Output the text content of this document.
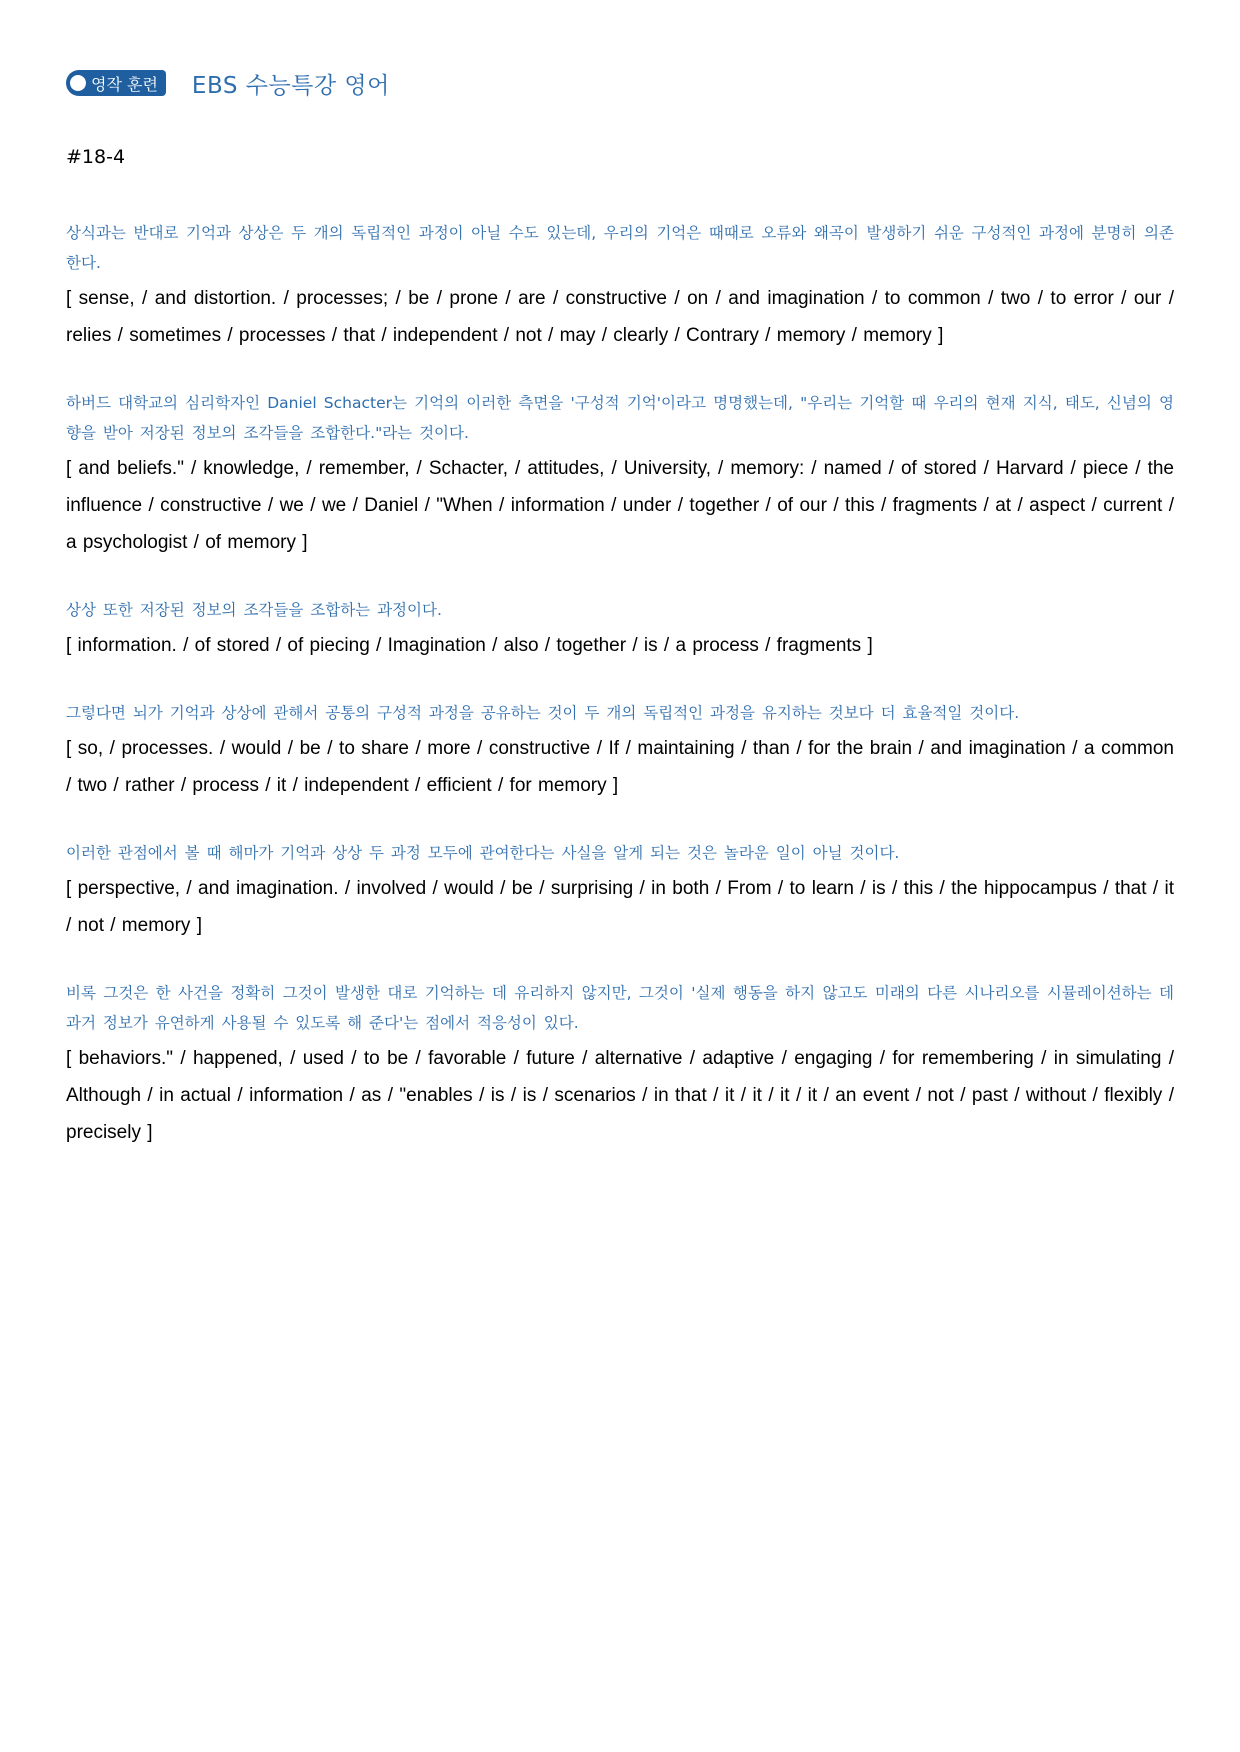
영작 훈련 EBS 수능특강 영어
#18-4
상식과는 반대로 기억과 상상은 두 개의 독립적인 과정이 아닐 수도 있는데, 우리의 기억은 때때로 오류와 왜곡이 발생하기 쉬운 구성적인 과정에 분명히 의존한다.
[ sense, / and distortion. / processes; / be / prone / are / constructive / on / and imagination / to common / two / to error / our / relies / sometimes / processes / that / independent / not / may / clearly / Contrary / memory / memory ]
하버드 대학교의 심리학자인 Daniel Schacter는 기억의 이러한 측면을 '구성적 기억'이라고 명명했는데, "우리는 기억할 때 우리의 현재 지식, 태도, 신념의 영향을 받아 저장된 정보의 조각들을 조합한다."라는 것이다.
[ and beliefs." / knowledge, / remember, / Schacter, / attitudes, / University, / memory: / named / of stored / Harvard / piece / the influence / constructive / we / we / Daniel / "When / information / under / together / of our / this / fragments / at / aspect / current / a psychologist / of memory ]
상상 또한 저장된 정보의 조각들을 조합하는 과정이다.
[ information. / of stored / of piecing / Imagination / also / together / is / a process / fragments ]
그렇다면 뇌가 기억과 상상에 관해서 공통의 구성적 과정을 공유하는 것이 두 개의 독립적인 과정을 유지하는 것보다 더 효율적일 것이다.
[ so, / processes. / would / be / to share / more / constructive / If / maintaining / than / for the brain / and imagination / a common / two / rather / process / it / independent / efficient / for memory ]
이러한 관점에서 볼 때 해마가 기억과 상상 두 과정 모두에 관여한다는 사실을 알게 되는 것은 놀라운 일이 아닐 것이다.
[ perspective, / and imagination. / involved / would / be / surprising / in both / From / to learn / is / this / the hippocampus / that / it / not / memory ]
비록 그것은 한 사건을 정확히 그것이 발생한 대로 기억하는 데 유리하지 않지만, 그것이 '실제 행동을 하지 않고도 미래의 다른 시나리오를 시뮬레이션하는 데 과거 정보가 유연하게 사용될 수 있도록 해 준다'는 점에서 적응성이 있다.
[ behaviors." / happened, / used / to be / favorable / future / alternative / adaptive / engaging / for remembering / in simulating / Although / in actual / information / as / "enables / is / is / scenarios / in that / it / it / it / it / an event / not / past / without / flexibly / precisely ]
